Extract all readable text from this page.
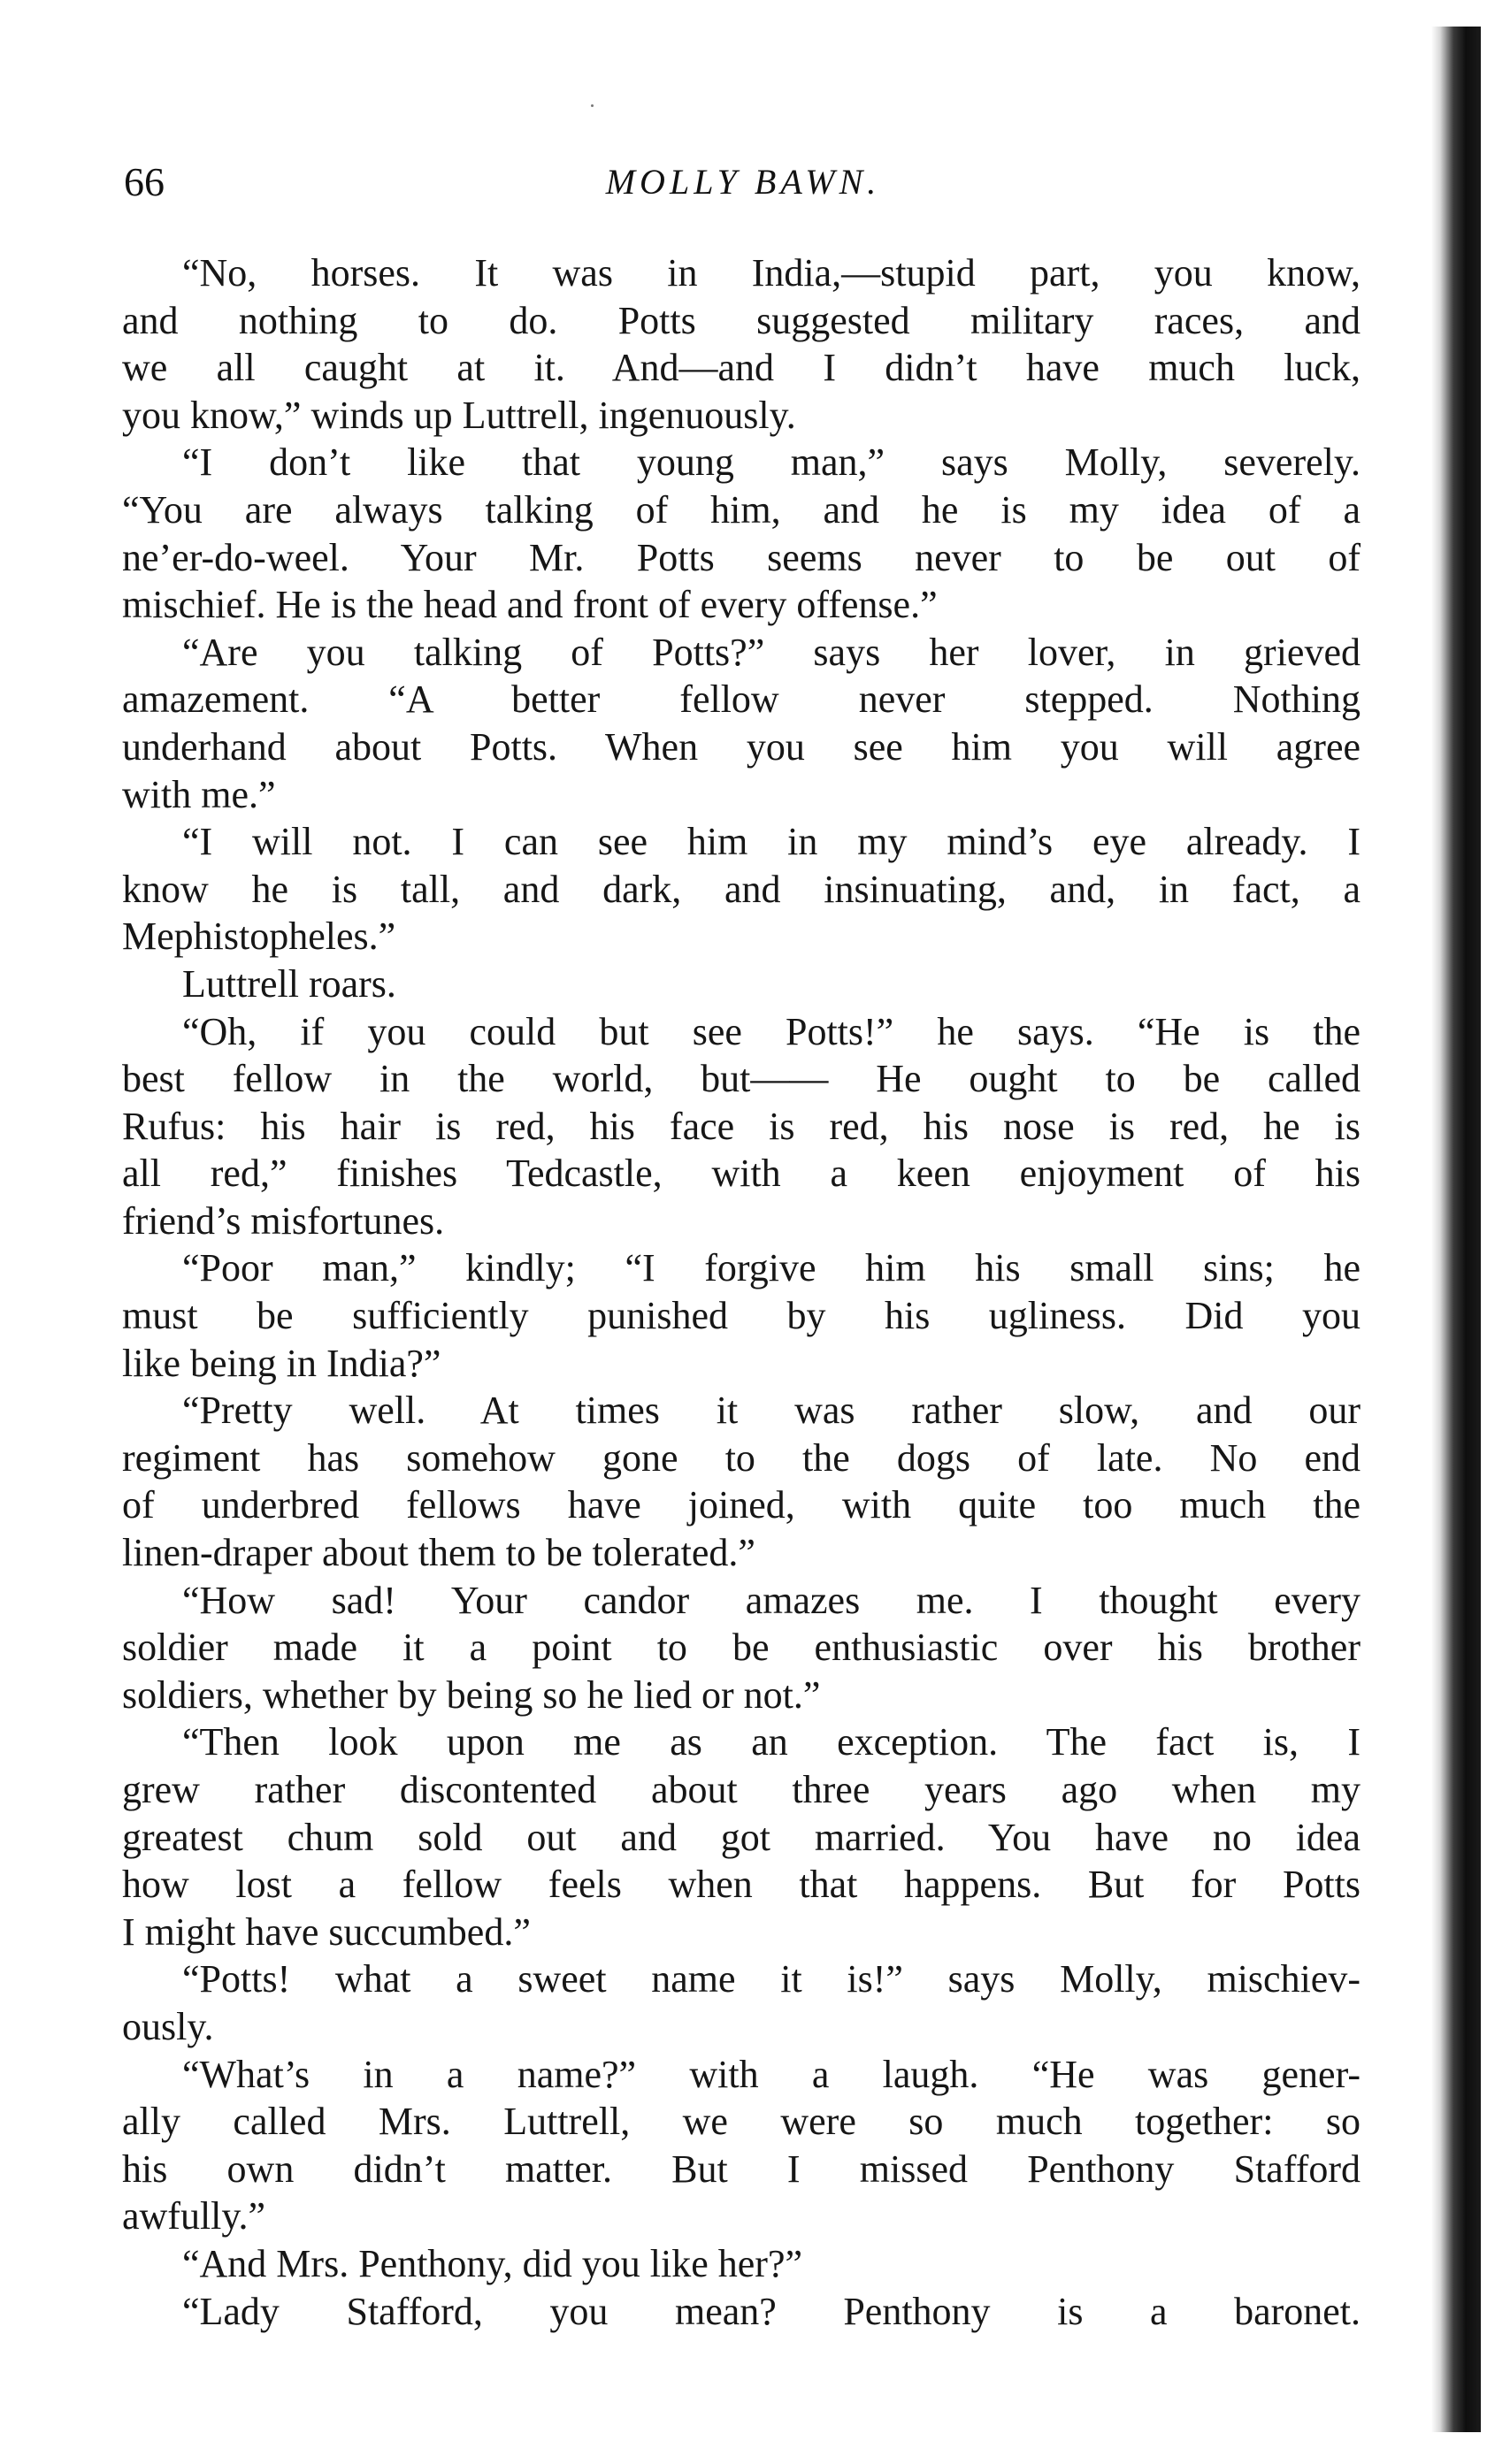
66	MOLLY BAWN.
“No, horses. It was in India,—stupid part, you know,
and nothing to do. Potts suggested military races, and
we all caught at it. And—and I didn’t have much luck,
you know,” winds up Luttrell, ingenuously.
“I don’t like that young man,” says Molly, severely.
“You are always talking of him, and he is my idea of a
ne’er-do-weel. Your Mr. Potts seems never to be out of
mischief. He is the head and front of every offense.”
“Are you talking of Potts?” says her lover, in grieved
amazement. “A better fellow never stepped. Nothing
underhand about Potts. When you see him you will agree
with me.”
“I will not. I can see him in my mind’s eye already. I
know he is tall, and dark, and insinuating, and, in fact, a
Mephistopheles.”
Luttrell roars.
“Oh, if you could but see Potts!” he says. “He is the
best fellow in the world, but—— He ought to be called
Rufus: his hair is red, his face is red, his nose is red, he is
all red,” finishes Tedcastle, with a keen enjoyment of his
friend’s misfortunes.
“Poor man,” kindly; “I forgive him his small sins; he
must be sufficiently punished by his ugliness. Did you
like being in India?”
“Pretty well. At times it was rather slow, and our
regiment has somehow gone to the dogs of late. No end
of underbred fellows have joined, with quite too much the
linen-draper about them to be tolerated.”
“How sad! Your candor amazes me. I thought every
soldier made it a point to be enthusiastic over his brother
soldiers, whether by being so he lied or not.”
“Then look upon me as an exception. The fact is, I
grew rather discontented about three years ago when my
greatest chum sold out and got married. You have no idea
how lost a fellow feels when that happens. But for Potts
I might have succumbed.”
“Potts! what a sweet name it is!” says Molly, mischiev-
ously.
“What’s in a name?” with a laugh. “He was gener-
ally called Mrs. Luttrell, we were so much together: so
his own didn’t matter. But I missed Penthony Stafford
awfully.”
“And Mrs. Penthony, did you like her?”
“Lady Stafford, you mean? Penthony is a baronet.
